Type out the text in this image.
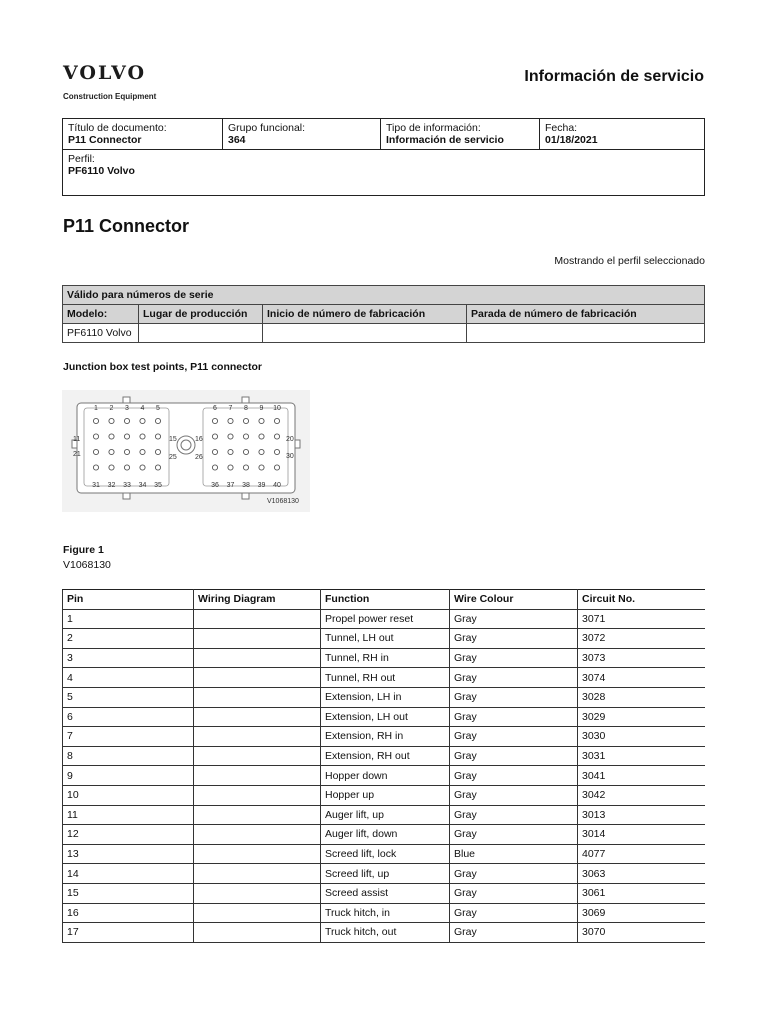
VOLVO
Construction Equipment
Información de servicio
Título de documento:
P11 Connector

Grupo funcional:
364

Tipo de información:
Información de servicio

Fecha:
01/18/2021

Perfil:
PF6110 Volvo
P11 Connector
Mostrando el perfil seleccionado
Válido para números de serie			
Modelo:	Lugar de producción	Inicio de número de fabricación	Parada de número de fabricación
PF6110 Volvo			
Junction box test points, P11 connector
11
21
15	16
25	26
20
30
V1068130
1 2 3 4 5	6 7 8 9 10
31 32 33 34 35	36 37 38 39 40
Figure 1
V1068130
Pin	Wiring Diagram	Function	Wire Colour	Circuit No.
1		Propel power reset	Gray	3071
2		Tunnel, LH out	Gray	3072
3		Tunnel, RH in	Gray	3073
4		Tunnel, RH out	Gray	3074
5		Extension, LH in	Gray	3028
6		Extension, LH out	Gray	3029
7		Extension, RH in	Gray	3030
8		Extension, RH out	Gray	3031
9		Hopper down	Gray	3041
10		Hopper up	Gray	3042
11		Auger lift, up	Gray	3013
12		Auger lift, down	Gray	3014
13		Screed lift, lock	Blue	4077
14		Screed lift, up	Gray	3063
15		Screed assist	Gray	3061
16		Truck hitch, in	Gray	3069
17		Truck hitch, out	Gray	3070
